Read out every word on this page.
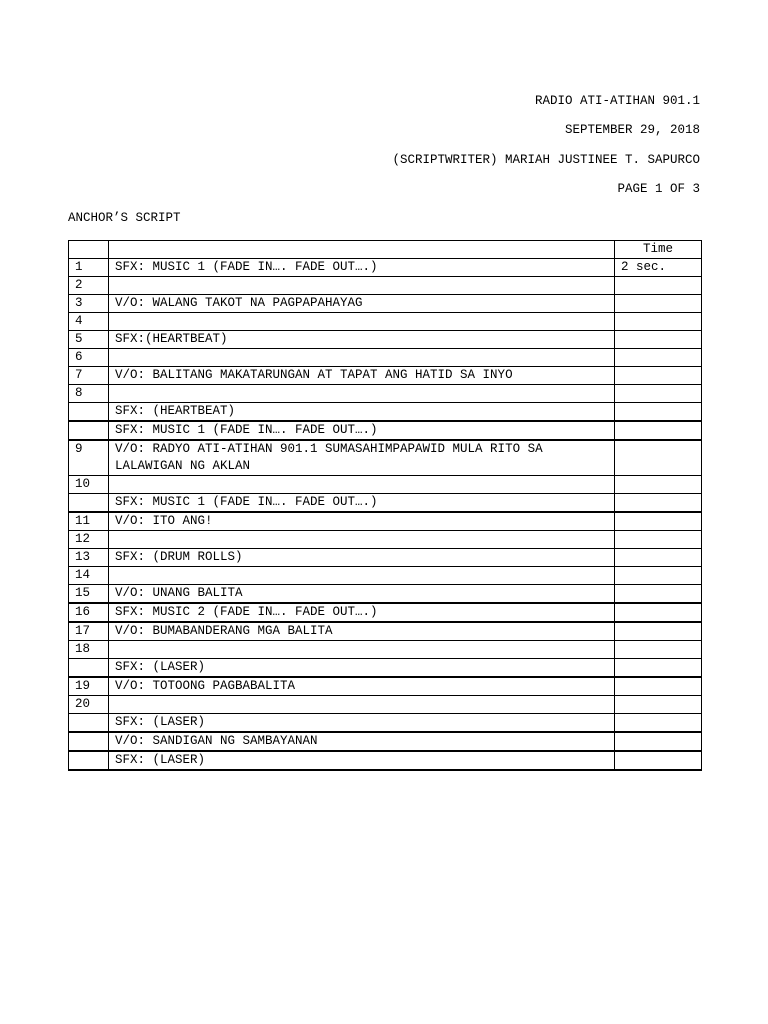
RADIO ATI-ATIHAN 901.1
SEPTEMBER 29, 2018
(SCRIPTWRITER) MARIAH JUSTINEE T. SAPURCO
PAGE 1 OF 3
ANCHOR’S SCRIPT
		Time
1	SFX: MUSIC 1 (FADE IN…. FADE OUT….)	2 sec.
2		
3	V/O: WALANG TAKOT NA PAGPAPAHAYAG	
4		
5	SFX:(HEARTBEAT)	
6		
7	V/O: BALITANG MAKATARUNGAN AT TAPAT ANG HATID SA INYO	
8		
	SFX: (HEARTBEAT)	

	SFX: MUSIC 1 (FADE IN…. FADE OUT….)	

9	V/O: RADYO ATI-ATIHAN 901.1 SUMASAHIMPAPAWID MULA RITO SA LALAWIGAN NG AKLAN	
10		
	SFX: MUSIC 1 (FADE IN…. FADE OUT….)	

11	V/O: ITO ANG!	
12		
13	SFX: (DRUM ROLLS)	
14		
15	V/O: UNANG BALITA	

16	SFX: MUSIC 2 (FADE IN…. FADE OUT….)	

17	V/O: BUMABANDERANG MGA BALITA	
18		
	SFX: (LASER)	

19	V/O: TOTOONG PAGBABALITA	
20		
	SFX: (LASER)	

	V/O: SANDIGAN NG SAMBAYANAN	

	SFX: (LASER)	
